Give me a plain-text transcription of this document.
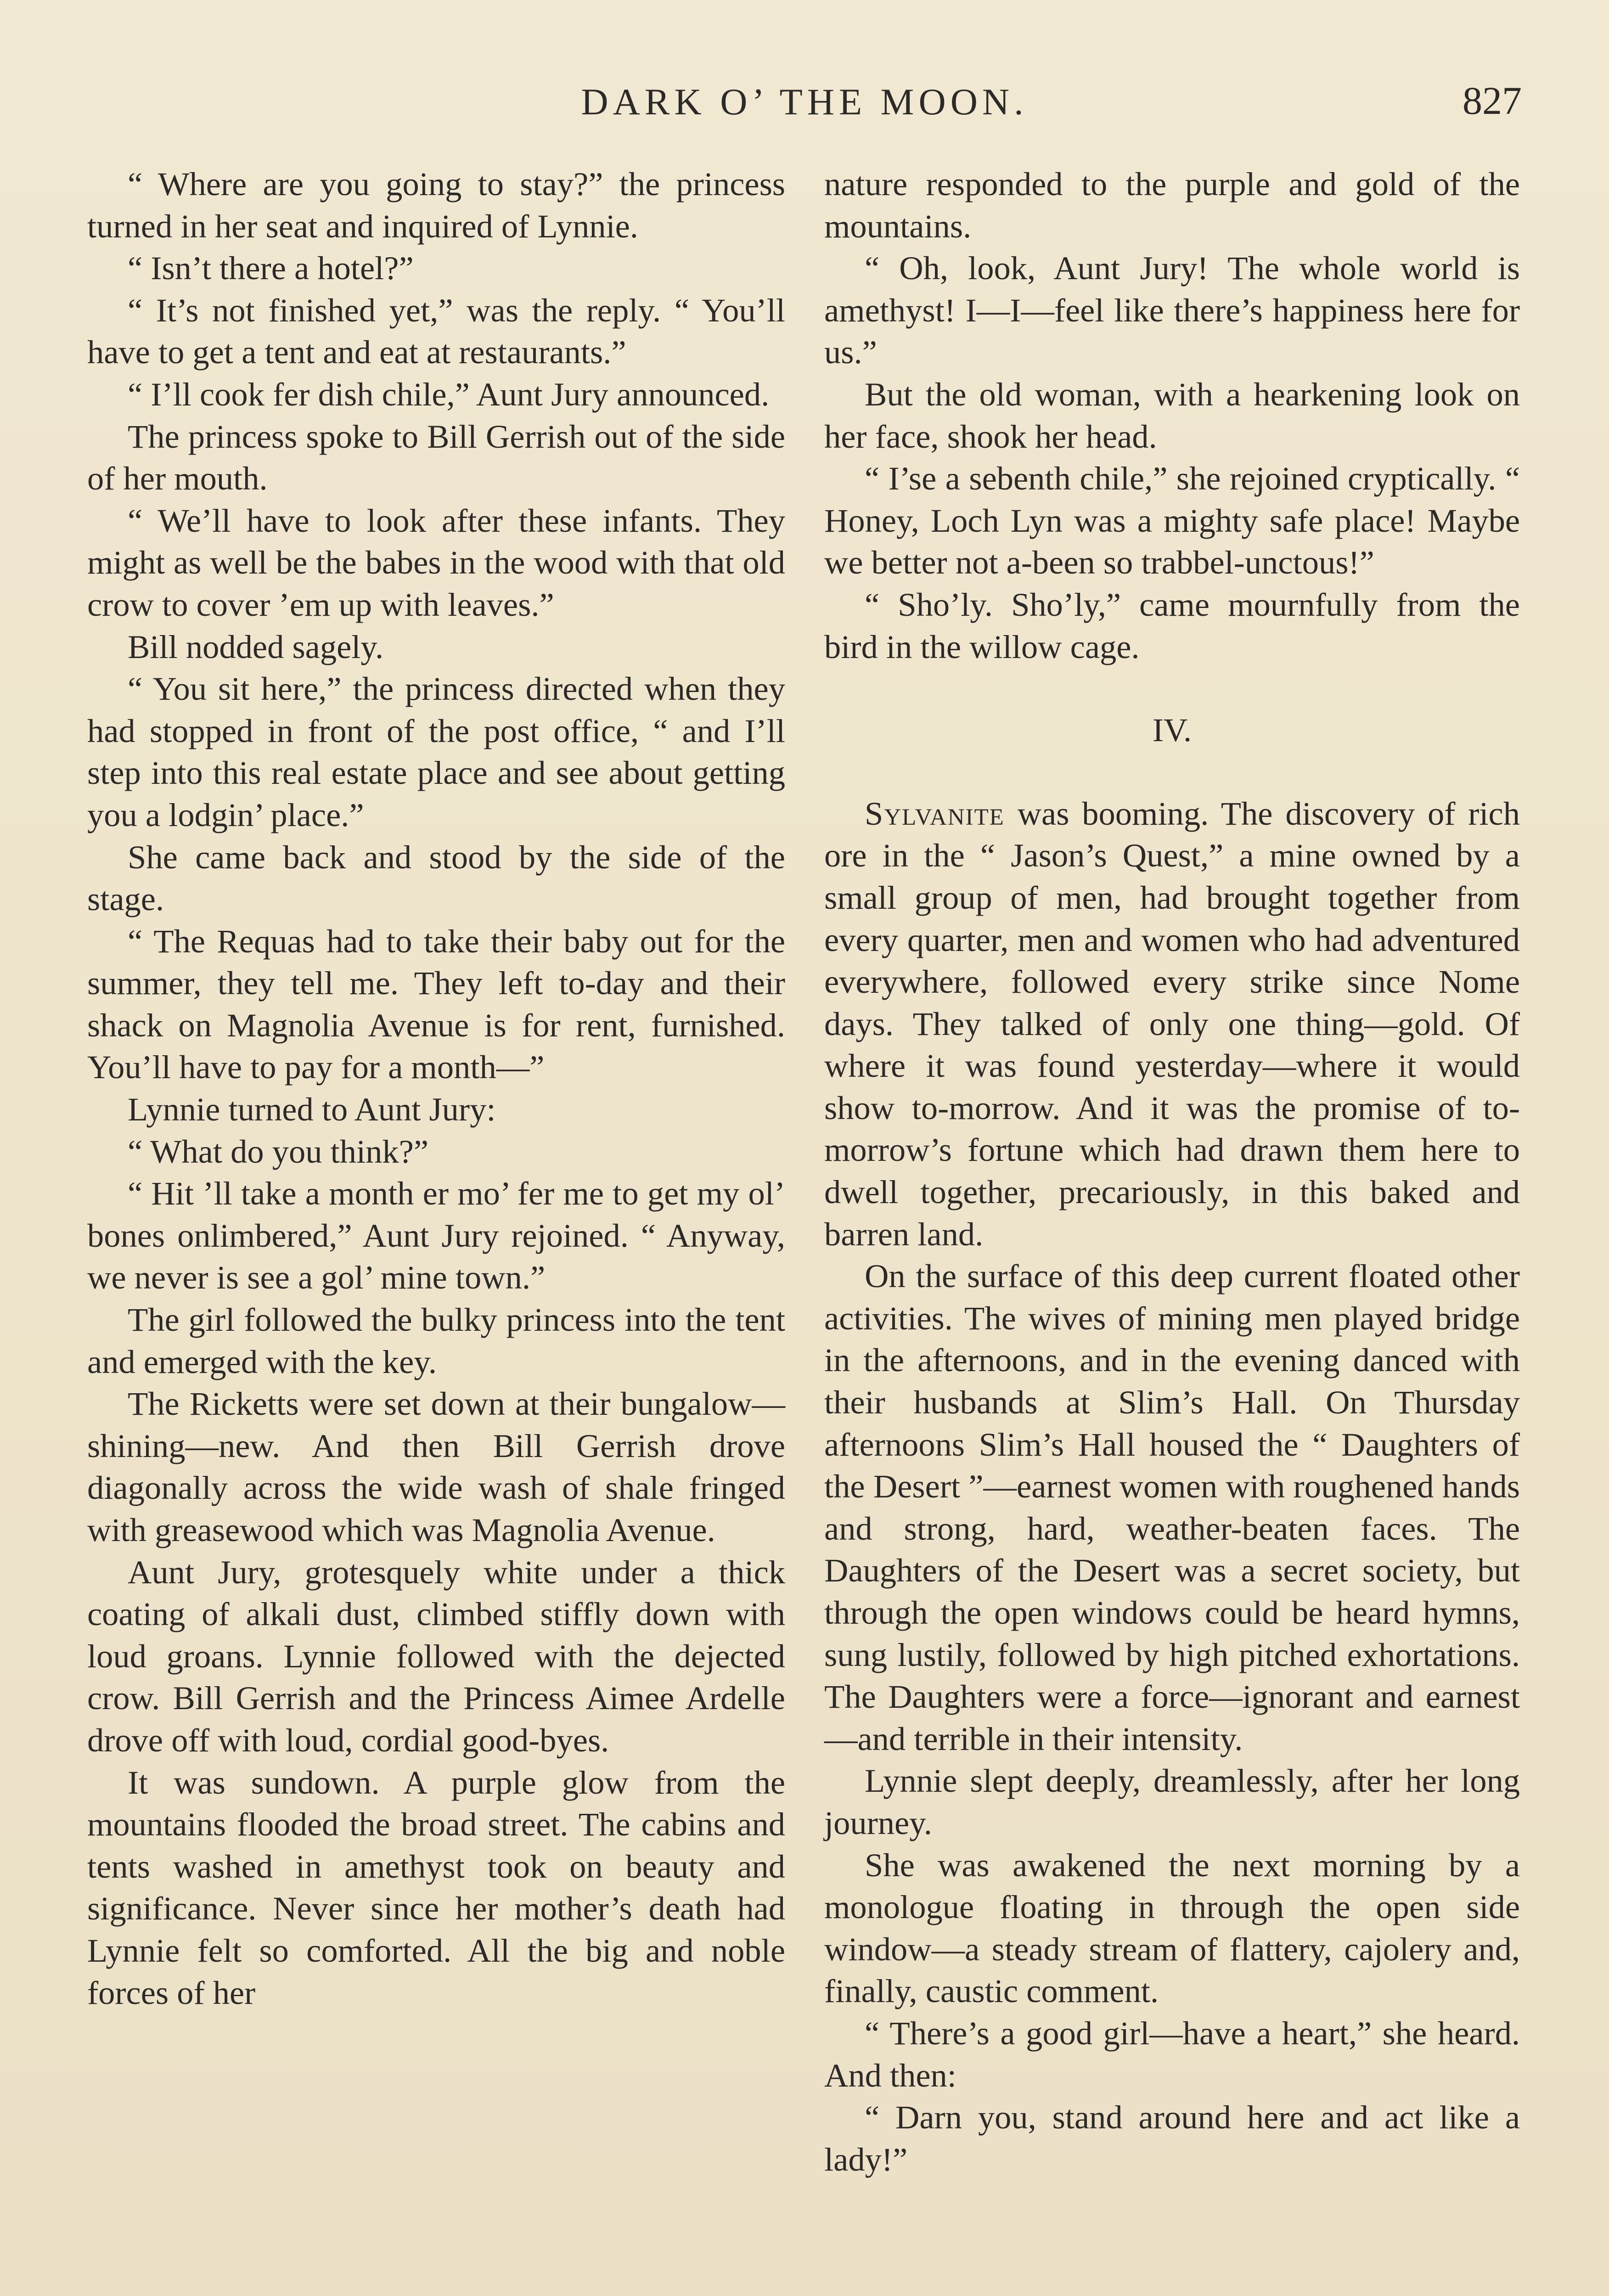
DARK O’ THE MOON.	827

“ Where are you going to stay?” the princess turned in her seat and inquired of Lynnie.

“ Isn’t there a hotel?”

“ It’s not finished yet,” was the reply. “ You’ll have to get a tent and eat at restaurants.”

“ I’ll cook fer dish chile,” Aunt Jury announced.

The princess spoke to Bill Gerrish out of the side of her mouth.

“ We’ll have to look after these infants. They might as well be the babes in the wood with that old crow to cover ’em up with leaves.”

Bill nodded sagely.

“ You sit here,” the princess directed when they had stopped in front of the post office, “ and I’ll step into this real estate place and see about getting you a lodgin’ place.”

She came back and stood by the side of the stage.

“ The Requas had to take their baby out for the summer, they tell me. They left to-day and their shack on Magnolia Avenue is for rent, furnished. You’ll have to pay for a month—”

Lynnie turned to Aunt Jury:

“ What do you think?”

“ Hit ’ll take a month er mo’ fer me to get my ol’ bones onlimbered,” Aunt Jury rejoined. “ Anyway, we never is see a gol’ mine town.”

The girl followed the bulky princess into the tent and emerged with the key.

The Ricketts were set down at their bungalow—shining—new. And then Bill Gerrish drove diagonally across the wide wash of shale fringed with greasewood which was Magnolia Avenue.

Aunt Jury, grotesquely white under a thick coating of alkali dust, climbed stiffly down with loud groans. Lynnie followed with the dejected crow. Bill Gerrish and the Princess Aimee Ardelle drove off with loud, cordial good-byes.

It was sundown. A purple glow from the mountains flooded the broad street. The cabins and tents washed in amethyst took on beauty and significance. Never since her mother’s death had Lynnie felt so comforted. All the big and noble forces of her

nature responded to the purple and gold of the mountains.

“ Oh, look, Aunt Jury! The whole world is amethyst! I—I—feel like there’s happiness here for us.”

But the old woman, with a hearkening look on her face, shook her head.

“ I’se a sebenth chile,” she rejoined cryptically. “ Honey, Loch Lyn was a mighty safe place! Maybe we better not a-been so trabbel-unctous!”

“ Sho’ly. Sho’ly,” came mournfully from the bird in the willow cage.

IV.

Sylvanite was booming. The discovery of rich ore in the “ Jason’s Quest,” a mine owned by a small group of men, had brought together from every quarter, men and women who had adventured everywhere, followed every strike since Nome days. They talked of only one thing—gold. Of where it was found yesterday—where it would show to-morrow. And it was the promise of to-morrow’s fortune which had drawn them here to dwell together, precariously, in this baked and barren land.

On the surface of this deep current floated other activities. The wives of mining men played bridge in the afternoons, and in the evening danced with their husbands at Slim’s Hall. On Thursday afternoons Slim’s Hall housed the “ Daughters of the Desert ”—earnest women with roughened hands and strong, hard, weather-beaten faces. The Daughters of the Desert was a secret society, but through the open windows could be heard hymns, sung lustily, followed by high pitched exhortations. The Daughters were a force—ignorant and earnest—and terrible in their intensity.

Lynnie slept deeply, dreamlessly, after her long journey.

She was awakened the next morning by a monologue floating in through the open side window—a steady stream of flattery, cajolery and, finally, caustic comment.

“ There’s a good girl—have a heart,” she heard. And then:

“ Darn you, stand around here and act like a lady!”
